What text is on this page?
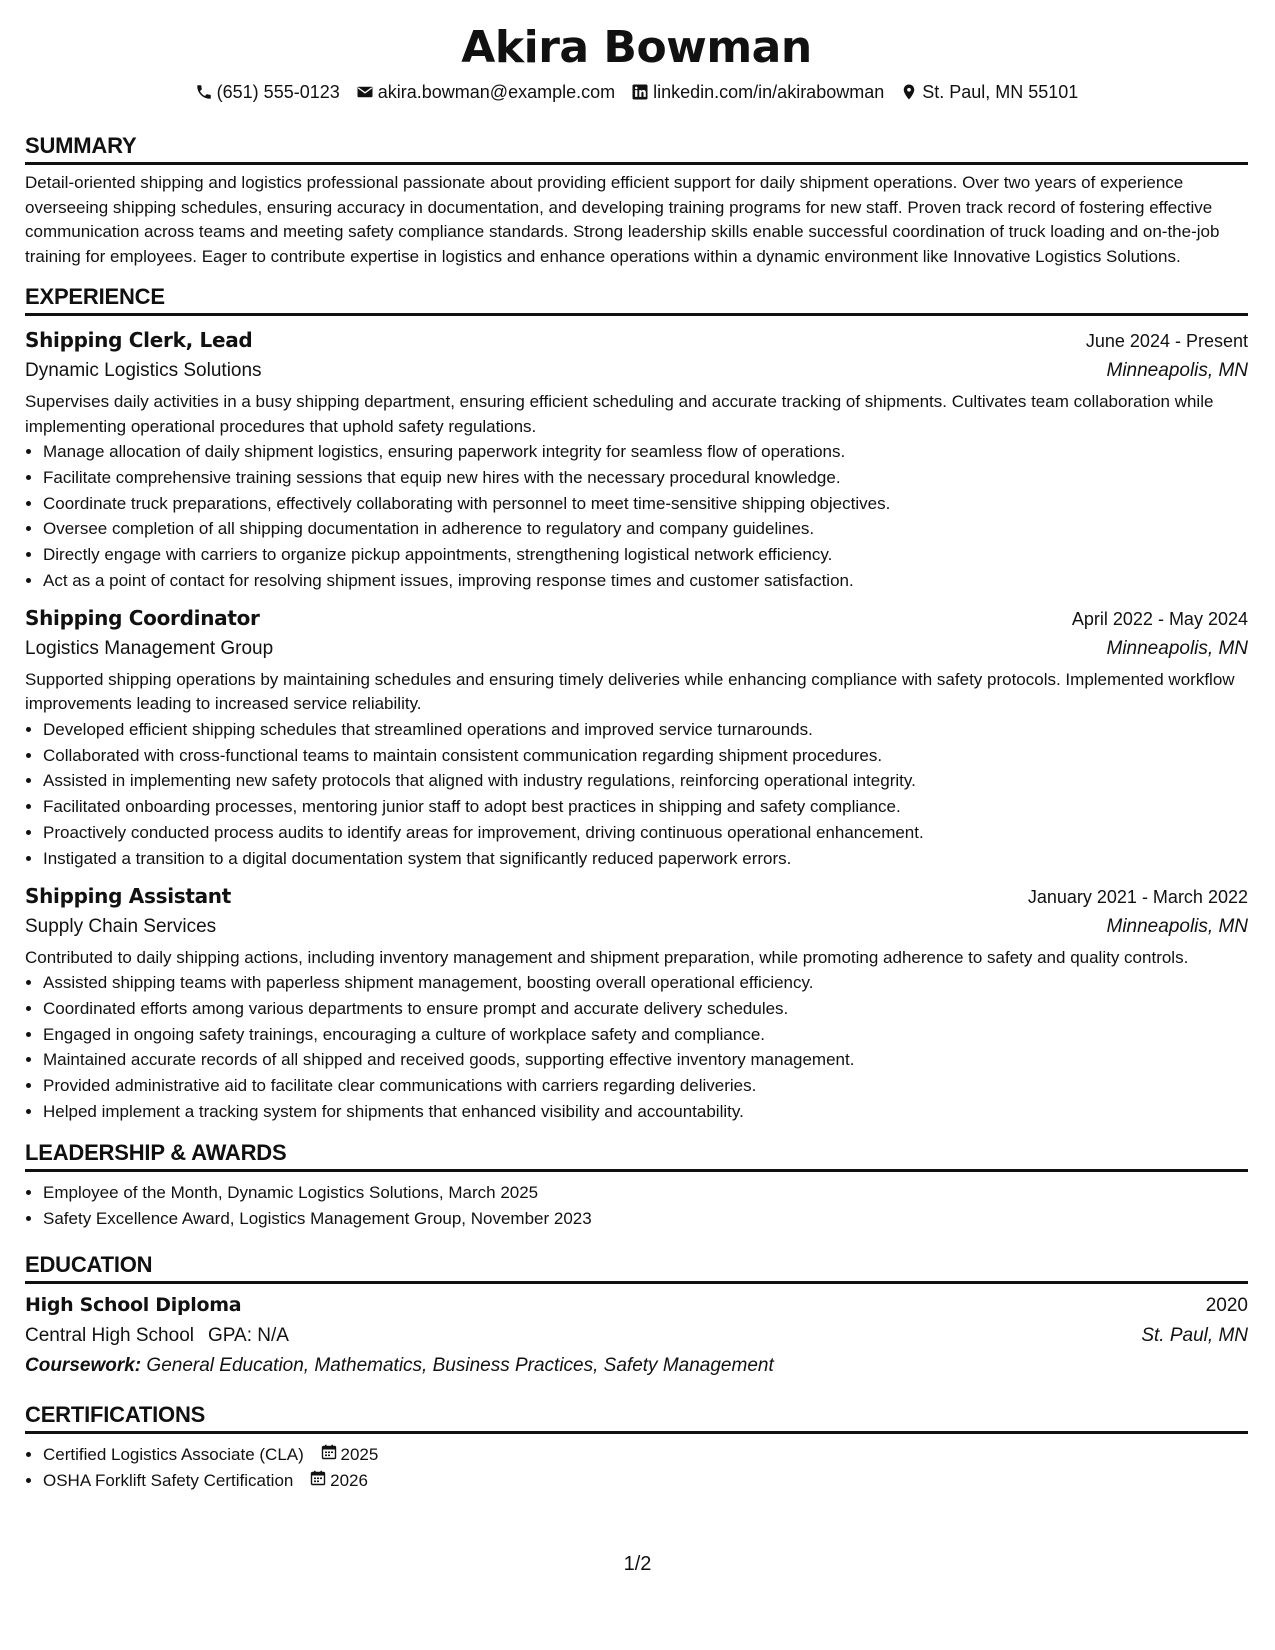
Akira Bowman
(651) 555-0123 akira.bowman@example.com linkedin.com/in/akirabowman St. Paul, MN 55101
SUMMARY

Detail-oriented shipping and logistics professional passionate about providing efficient support for daily shipment operations. Over two years of experience overseeing shipping schedules, ensuring accuracy in documentation, and developing training programs for new staff. Proven track record of fostering effective communication across teams and meeting safety compliance standards. Strong leadership skills enable successful coordination of truck loading and on-the-job training for employees. Eager to contribute expertise in logistics and enhance operations within a dynamic environment like Innovative Logistics Solutions.

EXPERIENCE
Shipping Clerk, Lead	June 2024 - Present
Dynamic Logistics Solutions	Minneapolis, MN

Supervises daily activities in a busy shipping department, ensuring efficient scheduling and accurate tracking of shipments. Cultivates team collaboration while implementing operational procedures that uphold safety regulations.

• Manage allocation of daily shipment logistics, ensuring paperwork integrity for seamless flow of operations.
• Facilitate comprehensive training sessions that equip new hires with the necessary procedural knowledge.
• Coordinate truck preparations, effectively collaborating with personnel to meet time-sensitive shipping objectives.
• Oversee completion of all shipping documentation in adherence to regulatory and company guidelines.
• Directly engage with carriers to organize pickup appointments, strengthening logistical network efficiency.
• Act as a point of contact for resolving shipment issues, improving response times and customer satisfaction.
Shipping Coordinator	April 2022 - May 2024
Logistics Management Group	Minneapolis, MN

Supported shipping operations by maintaining schedules and ensuring timely deliveries while enhancing compliance with safety protocols. Implemented workflow improvements leading to increased service reliability.

• Developed efficient shipping schedules that streamlined operations and improved service turnarounds.
• Collaborated with cross-functional teams to maintain consistent communication regarding shipment procedures.
• Assisted in implementing new safety protocols that aligned with industry regulations, reinforcing operational integrity.
• Facilitated onboarding processes, mentoring junior staff to adopt best practices in shipping and safety compliance.
• Proactively conducted process audits to identify areas for improvement, driving continuous operational enhancement.
• Instigated a transition to a digital documentation system that significantly reduced paperwork errors.
Shipping Assistant	January 2021 - March 2022
Supply Chain Services	Minneapolis, MN

Contributed to daily shipping actions, including inventory management and shipment preparation, while promoting adherence to safety and quality controls.

• Assisted shipping teams with paperless shipment management, boosting overall operational efficiency.
• Coordinated efforts among various departments to ensure prompt and accurate delivery schedules.
• Engaged in ongoing safety trainings, encouraging a culture of workplace safety and compliance.
• Maintained accurate records of all shipped and received goods, supporting effective inventory management.
• Provided administrative aid to facilitate clear communications with carriers regarding deliveries.
• Helped implement a tracking system for shipments that enhanced visibility and accountability.
LEADERSHIP & AWARDS
• Employee of the Month, Dynamic Logistics Solutions, March 2025
• Safety Excellence Award, Logistics Management Group, November 2023
EDUCATION
High School Diploma	2020
Central High School GPA: N/A	St. Paul, MN
Coursework: General Education, Mathematics, Business Practices, Safety Management
CERTIFICATIONS
• Certified Logistics Associate (CLA) 2025
• OSHA Forklift Safety Certification 2026
1/2
